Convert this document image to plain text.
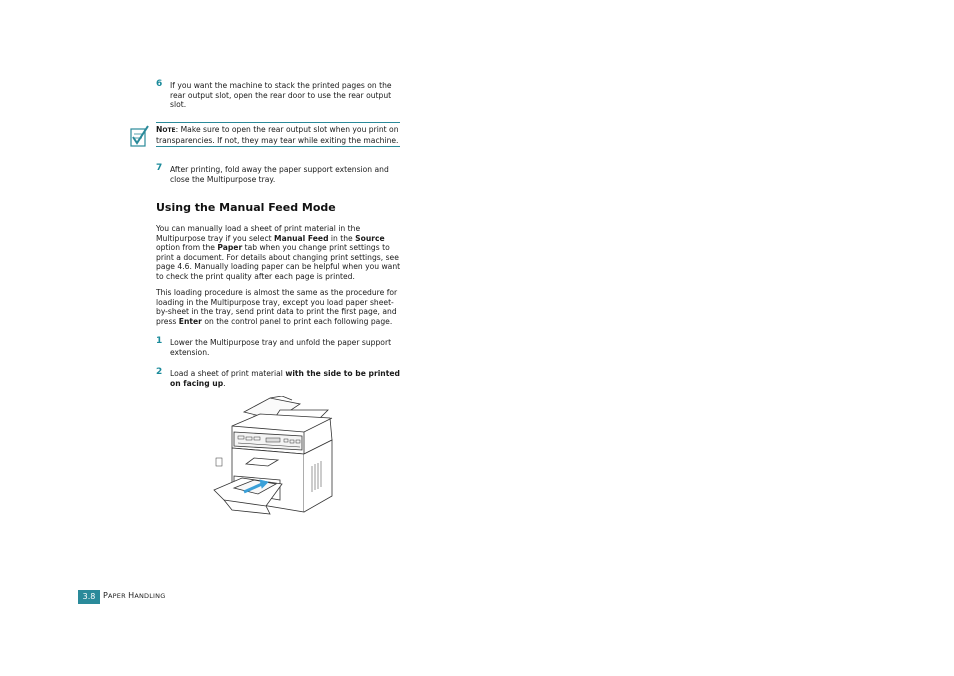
6 If you want the machine to stack the printed pages on the rear output slot, open the rear door to use the rear output slot.
NOTE: Make sure to open the rear output slot when you print on transparencies. If not, they may tear while exiting the machine.
7 After printing, fold away the paper support extension and close the Multipurpose tray.
Using the Manual Feed Mode
You can manually load a sheet of print material in the Multipurpose tray if you select Manual Feed in the Source option from the Paper tab when you change print settings to print a document. For details about changing print settings, see page 4.6. Manually loading paper can be helpful when you want to check the print quality after each page is printed.
This loading procedure is almost the same as the procedure for loading in the Multipurpose tray, except you load paper sheet-by-sheet in the tray, send print data to print the first page, and press Enter on the control panel to print each following page.
1 Lower the Multipurpose tray and unfold the paper support extension.
2 Load a sheet of print material with the side to be printed on facing up.
3.8 PAPER HANDLING
